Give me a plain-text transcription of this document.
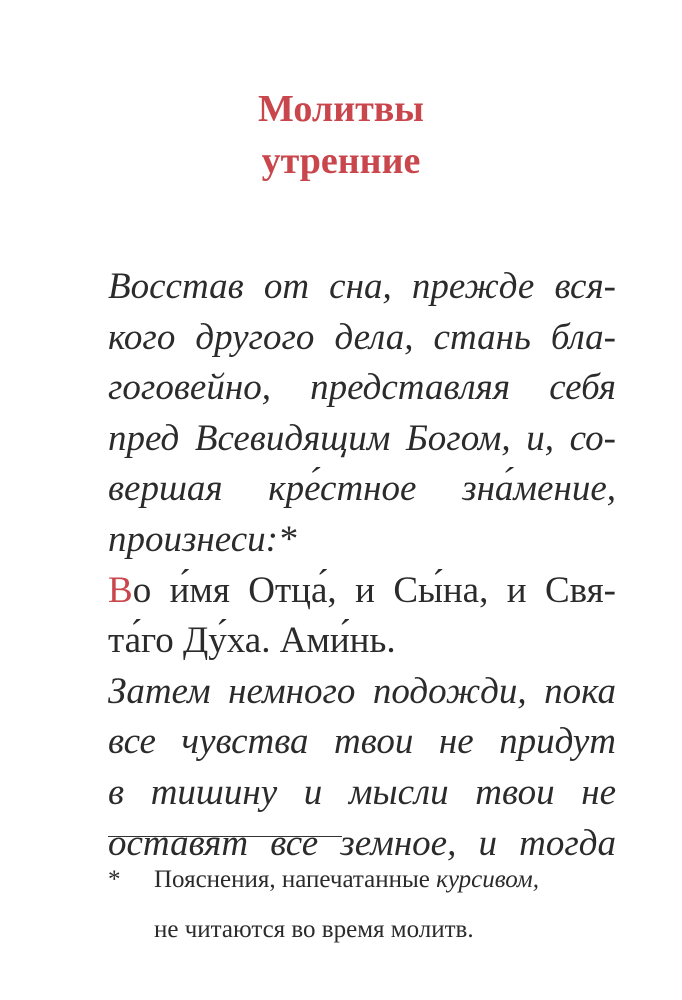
Молитвы
утренние
Восстав от сна, прежде вся-
кого другого дела, стань бла-
гоговейно, представляя себя
пред Всевидящим Богом, и, со-
вершая кре́стное зна́мение,
произнеси:*
Во и́мя Отца́, и Сы́на, и Свя-
та́го Ду́ха. Ами́нь.
Затем немного подожди, пока
все чувства твои не придут
в тишину и мысли твои не
оставят все земное, и тогда
* Пояснения, напечатанные курсивом,
не читаются во время молитв.
